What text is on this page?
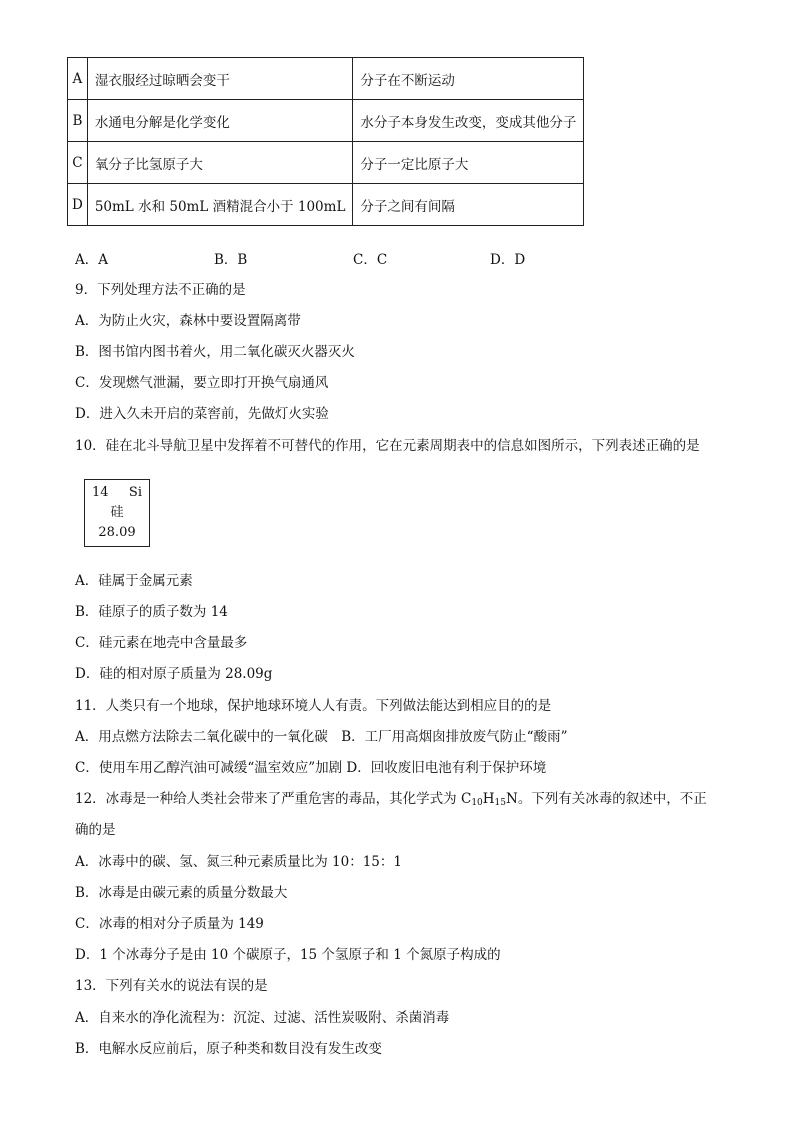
A	湿衣服经过晾晒会变干	分子在不断运动
B	水通电分解是化学变化	水分子本身发生改变，变成其他分子
C	氧分子比氢原子大	分子一定比原子大
D	50mL 水和 50mL 酒精混合小于 100mL	分子之间有间隔
A．A	B．B	C．C	D．D
9．下列处理方法不正确的是
A．为防止火灾，森林中要设置隔离带
B．图书馆内图书着火，用二氧化碳灭火器灭火
C．发现燃气泄漏，要立即打开换气扇通风
D．进入久未开启的菜窖前，先做灯火实验
10．硅在北斗导航卫星中发挥着不可替代的作用，它在元素周期表中的信息如图所示，下列表述正确的是
14 Si
硅
28.09
A．硅属于金属元素
B．硅原子的质子数为 14
C．硅元素在地壳中含量最多
D．硅的相对原子质量为 28.09g
11．人类只有一个地球，保护地球环境人人有责。下列做法能达到相应目的的是
A．用点燃方法除去二氧化碳中的一氧化碳　B．工厂用高烟囱排放废气防止“酸雨”
C．使用车用乙醇汽油可减缓“温室效应”加剧 D．回收废旧电池有利于保护环境
12．冰毒是一种给人类社会带来了严重危害的毒品，其化学式为 $C_{10}H_{15}N$。下列有关冰毒的叙述中，不正
确的是
A．冰毒中的碳、氢、氮三种元素质量比为 10：15：1
B．冰毒是由碳元素的质量分数最大
C．冰毒的相对分子质量为 149
D．1 个冰毒分子是由 10 个碳原子，15 个氢原子和 1 个氮原子构成的
13．下列有关水的说法有误的是
A．自来水的净化流程为：沉淀、过滤、活性炭吸附、杀菌消毒
B．电解水反应前后，原子种类和数目没有发生改变
